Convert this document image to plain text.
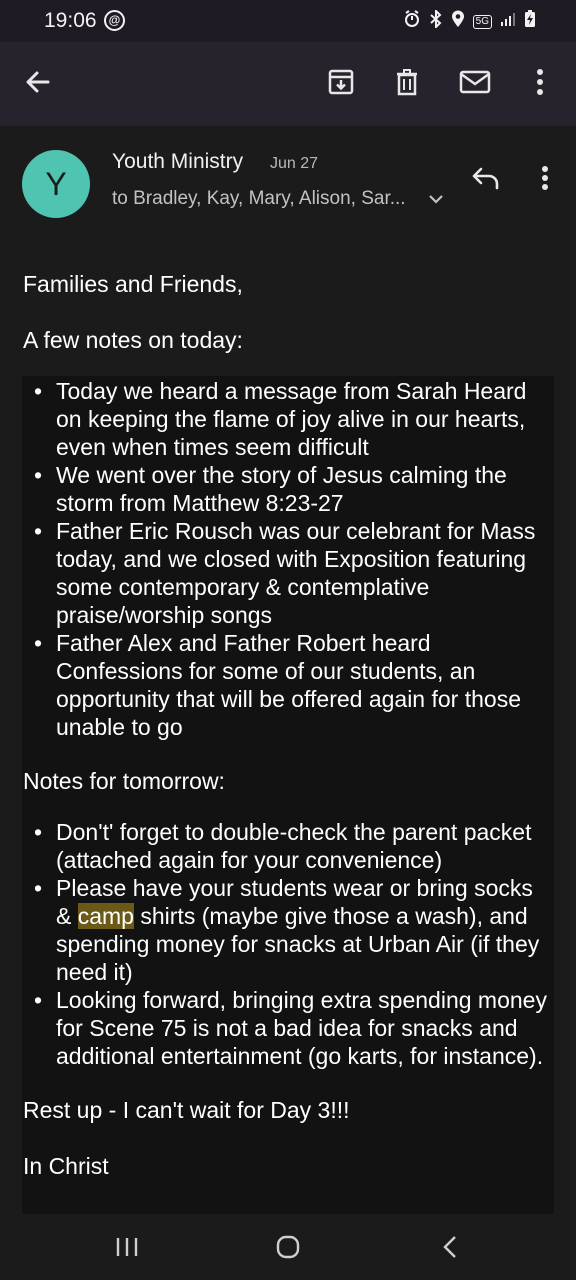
19:06	@	5G
Y
Youth Ministry Jun 27
to Bradley, Kay, Mary, Alison, Sar...
Families and Friends,
A few notes on today:
• Today we heard a message from Sarah Heard on keeping the flame of joy alive in our hearts, even when times seem difficult
• We went over the story of Jesus calming the storm from Matthew 8:23-27
• Father Eric Rousch was our celebrant for Mass today, and we closed with Exposition featuring some contemporary & contemplative praise/worship songs
• Father Alex and Father Robert heard Confessions for some of our students, an opportunity that will be offered again for those unable to go
Notes for tomorrow:
• Don't' forget to double-check the parent packet (attached again for your convenience)
• Please have your students wear or bring socks & camp shirts (maybe give those a wash), and spending money for snacks at Urban Air (if they need it)
• Looking forward, bringing extra spending money for Scene 75 is not a bad idea for snacks and additional entertainment (go karts, for instance).
Rest up - I can't wait for Day 3!!!
In Christ
